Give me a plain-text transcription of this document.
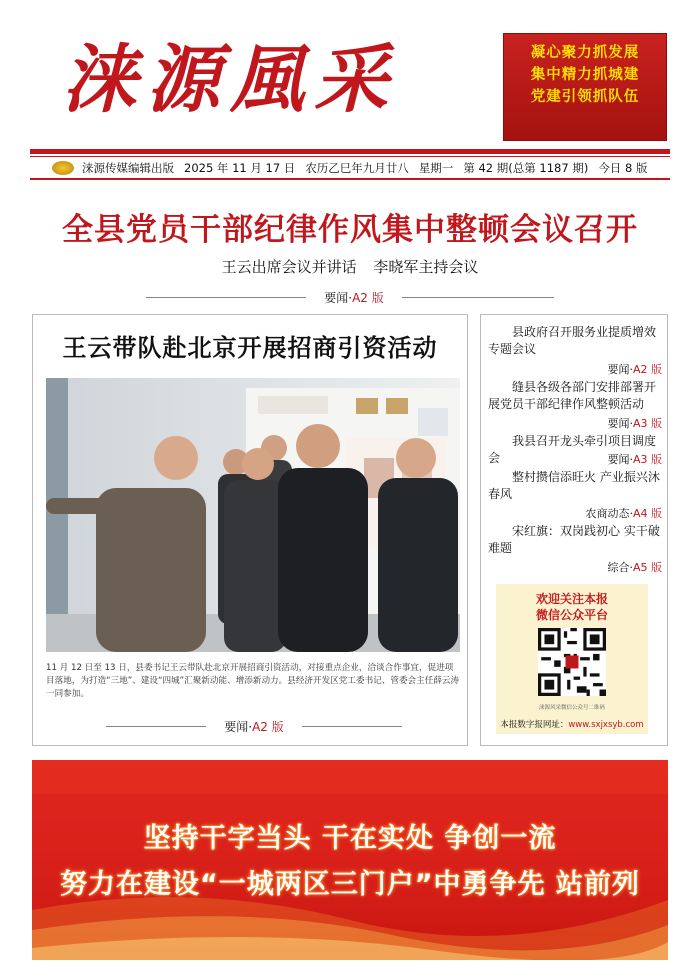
涞源風采	凝心聚力抓发展
集中精力抓城建
党建引领抓队伍
涞源传媒编辑出版 2025 年 11 月 17 日 农历乙巳年九月廿八 星期一 第 42 期(总第 1187 期) 今日 8 版
全县党员干部纪律作风集中整顿会议召开
王云出席会议并讲话 李晓军主持会议
要闻·A2 版
王云带队赴北京开展招商引资活动
11 月 12 日至 13 日，县委书记王云带队赴北京开展招商引资活动，对接重点企业，洽谈合作事宜，促进项目落地，为打造“三地”、建设“四城”汇聚新动能、增添新动力。县经济开发区党工委书记、管委会主任薛云涛一同参加。
要闻·A2 版
县政府召开服务业提质增效专题会议
要闻·A2 版
缝县各级各部门安排部署开展党员干部纪律作风整顿活动
要闻·A3 版
我县召开龙头牵引项目调度会	要闻·A3 版
整村攒信添旺火 产业振兴沐春风
农商动态·A4 版
宋红旗：双岗践初心 实干破难题
综合·A5 版
欢迎关注本报
微信公众平台
涞源风采微信公众号二维码
本报数字报网址：www.sxjxsyb.com
坚持干字当头 干在实处 争创一流
努力在建设“一城两区三门户”中勇争先 站前列
